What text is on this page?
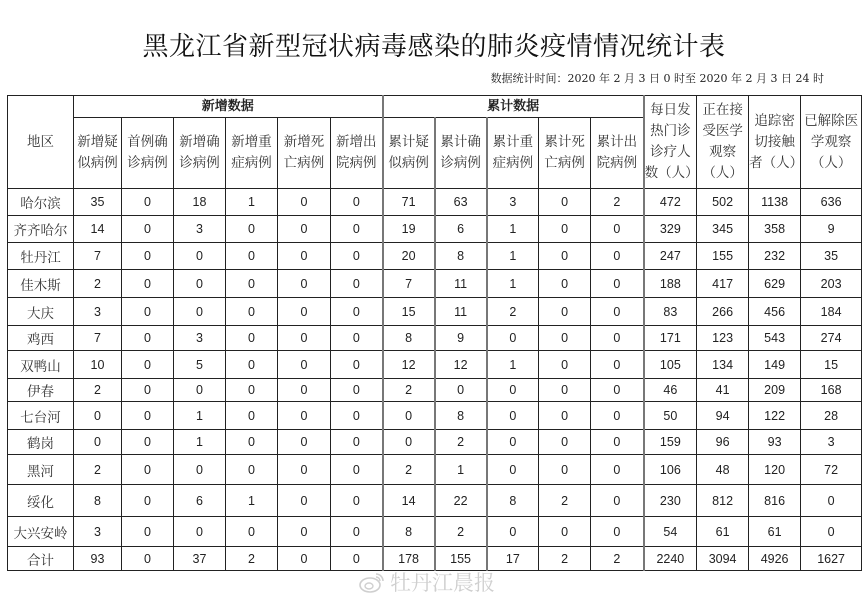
黑龙江省新型冠状病毒感染的肺炎疫情情况统计表
数据统计时间：2020 年 2 月 3 日 0 时至 2020 年 2 月 3 日 24 时
地区	新增数据						累计数据					每日发热门诊诊疗人数（人）	正在接受医学观察（人）	追踪密切接触者（人）	已解除医学观察（人）
	新增疑似病例	首例确诊病例	新增确诊病例	新增重症病例	新增死亡病例	新增出院病例	累计疑似病例	累计确诊病例	累计重症病例	累计死亡病例	累计出院病例				
哈尔滨	35	0	18	1	0	0	71	63	3	0	2	472	502	1138	636
齐齐哈尔	14	0	3	0	0	0	19	6	1	0	0	329	345	358	9
牡丹江	7	0	0	0	0	0	20	8	1	0	0	247	155	232	35
佳木斯	2	0	0	0	0	0	7	11	1	0	0	188	417	629	203
大庆	3	0	0	0	0	0	15	11	2	0	0	83	266	456	184
鸡西	7	0	3	0	0	0	8	9	0	0	0	171	123	543	274
双鸭山	10	0	5	0	0	0	12	12	1	0	0	105	134	149	15
伊春	2	0	0	0	0	0	2	0	0	0	0	46	41	209	168
七台河	0	0	1	0	0	0	0	8	0	0	0	50	94	122	28
鹤岗	0	0	1	0	0	0	0	2	0	0	0	159	96	93	3
黑河	2	0	0	0	0	0	2	1	0	0	0	106	48	120	72
绥化	8	0	6	1	0	0	14	22	8	2	0	230	812	816	0
大兴安岭	3	0	0	0	0	0	8	2	0	0	0	54	61	61	0
合计	93	0	37	2	0	0	178	155	17	2	2	2240	3094	4926	1627
牡丹江晨报
